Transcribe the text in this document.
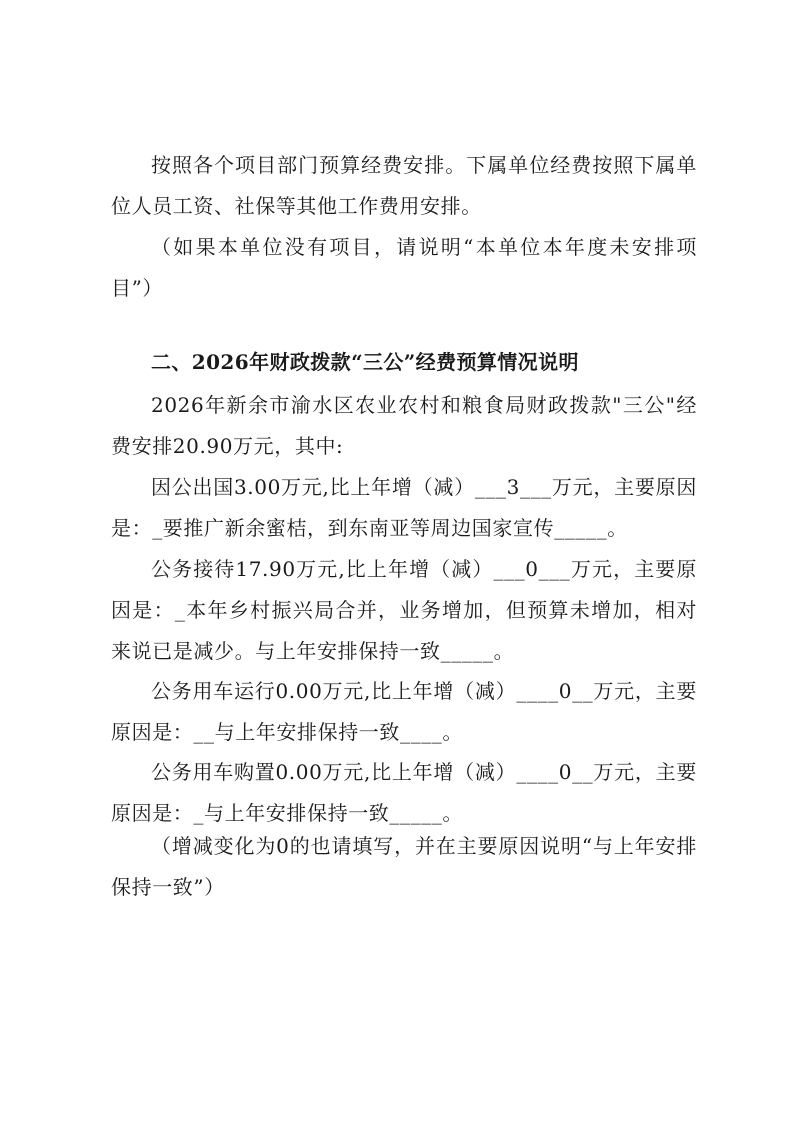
按照各个项目部门预算经费安排。下属单位经费按照下属单位人员工资、社保等其他工作费用安排。

（如果本单位没有项目，请说明“本单位本年度未安排项目”）

二、2026年财政拨款“三公”经费预算情况说明

2026年新余市渝水区农业农村和粮食局财政拨款"三公"经费安排20.90万元，其中:

因公出国3.00万元,比上年增（减）___3___万元，主要原因是：_要推广新余蜜桔，到东南亚等周边国家宣传_____。

公务接待17.90万元,比上年增（减）___0___万元，主要原因是：_本年乡村振兴局合并，业务增加，但预算未增加，相对来说已是减少。与上年安排保持一致_____。

公务用车运行0.00万元,比上年增（减）____0__万元，主要原因是：__与上年安排保持一致____。

公务用车购置0.00万元,比上年增（减）____0__万元，主要原因是：_与上年安排保持一致_____。

（增减变化为0的也请填写，并在主要原因说明“与上年安排保持一致”）
